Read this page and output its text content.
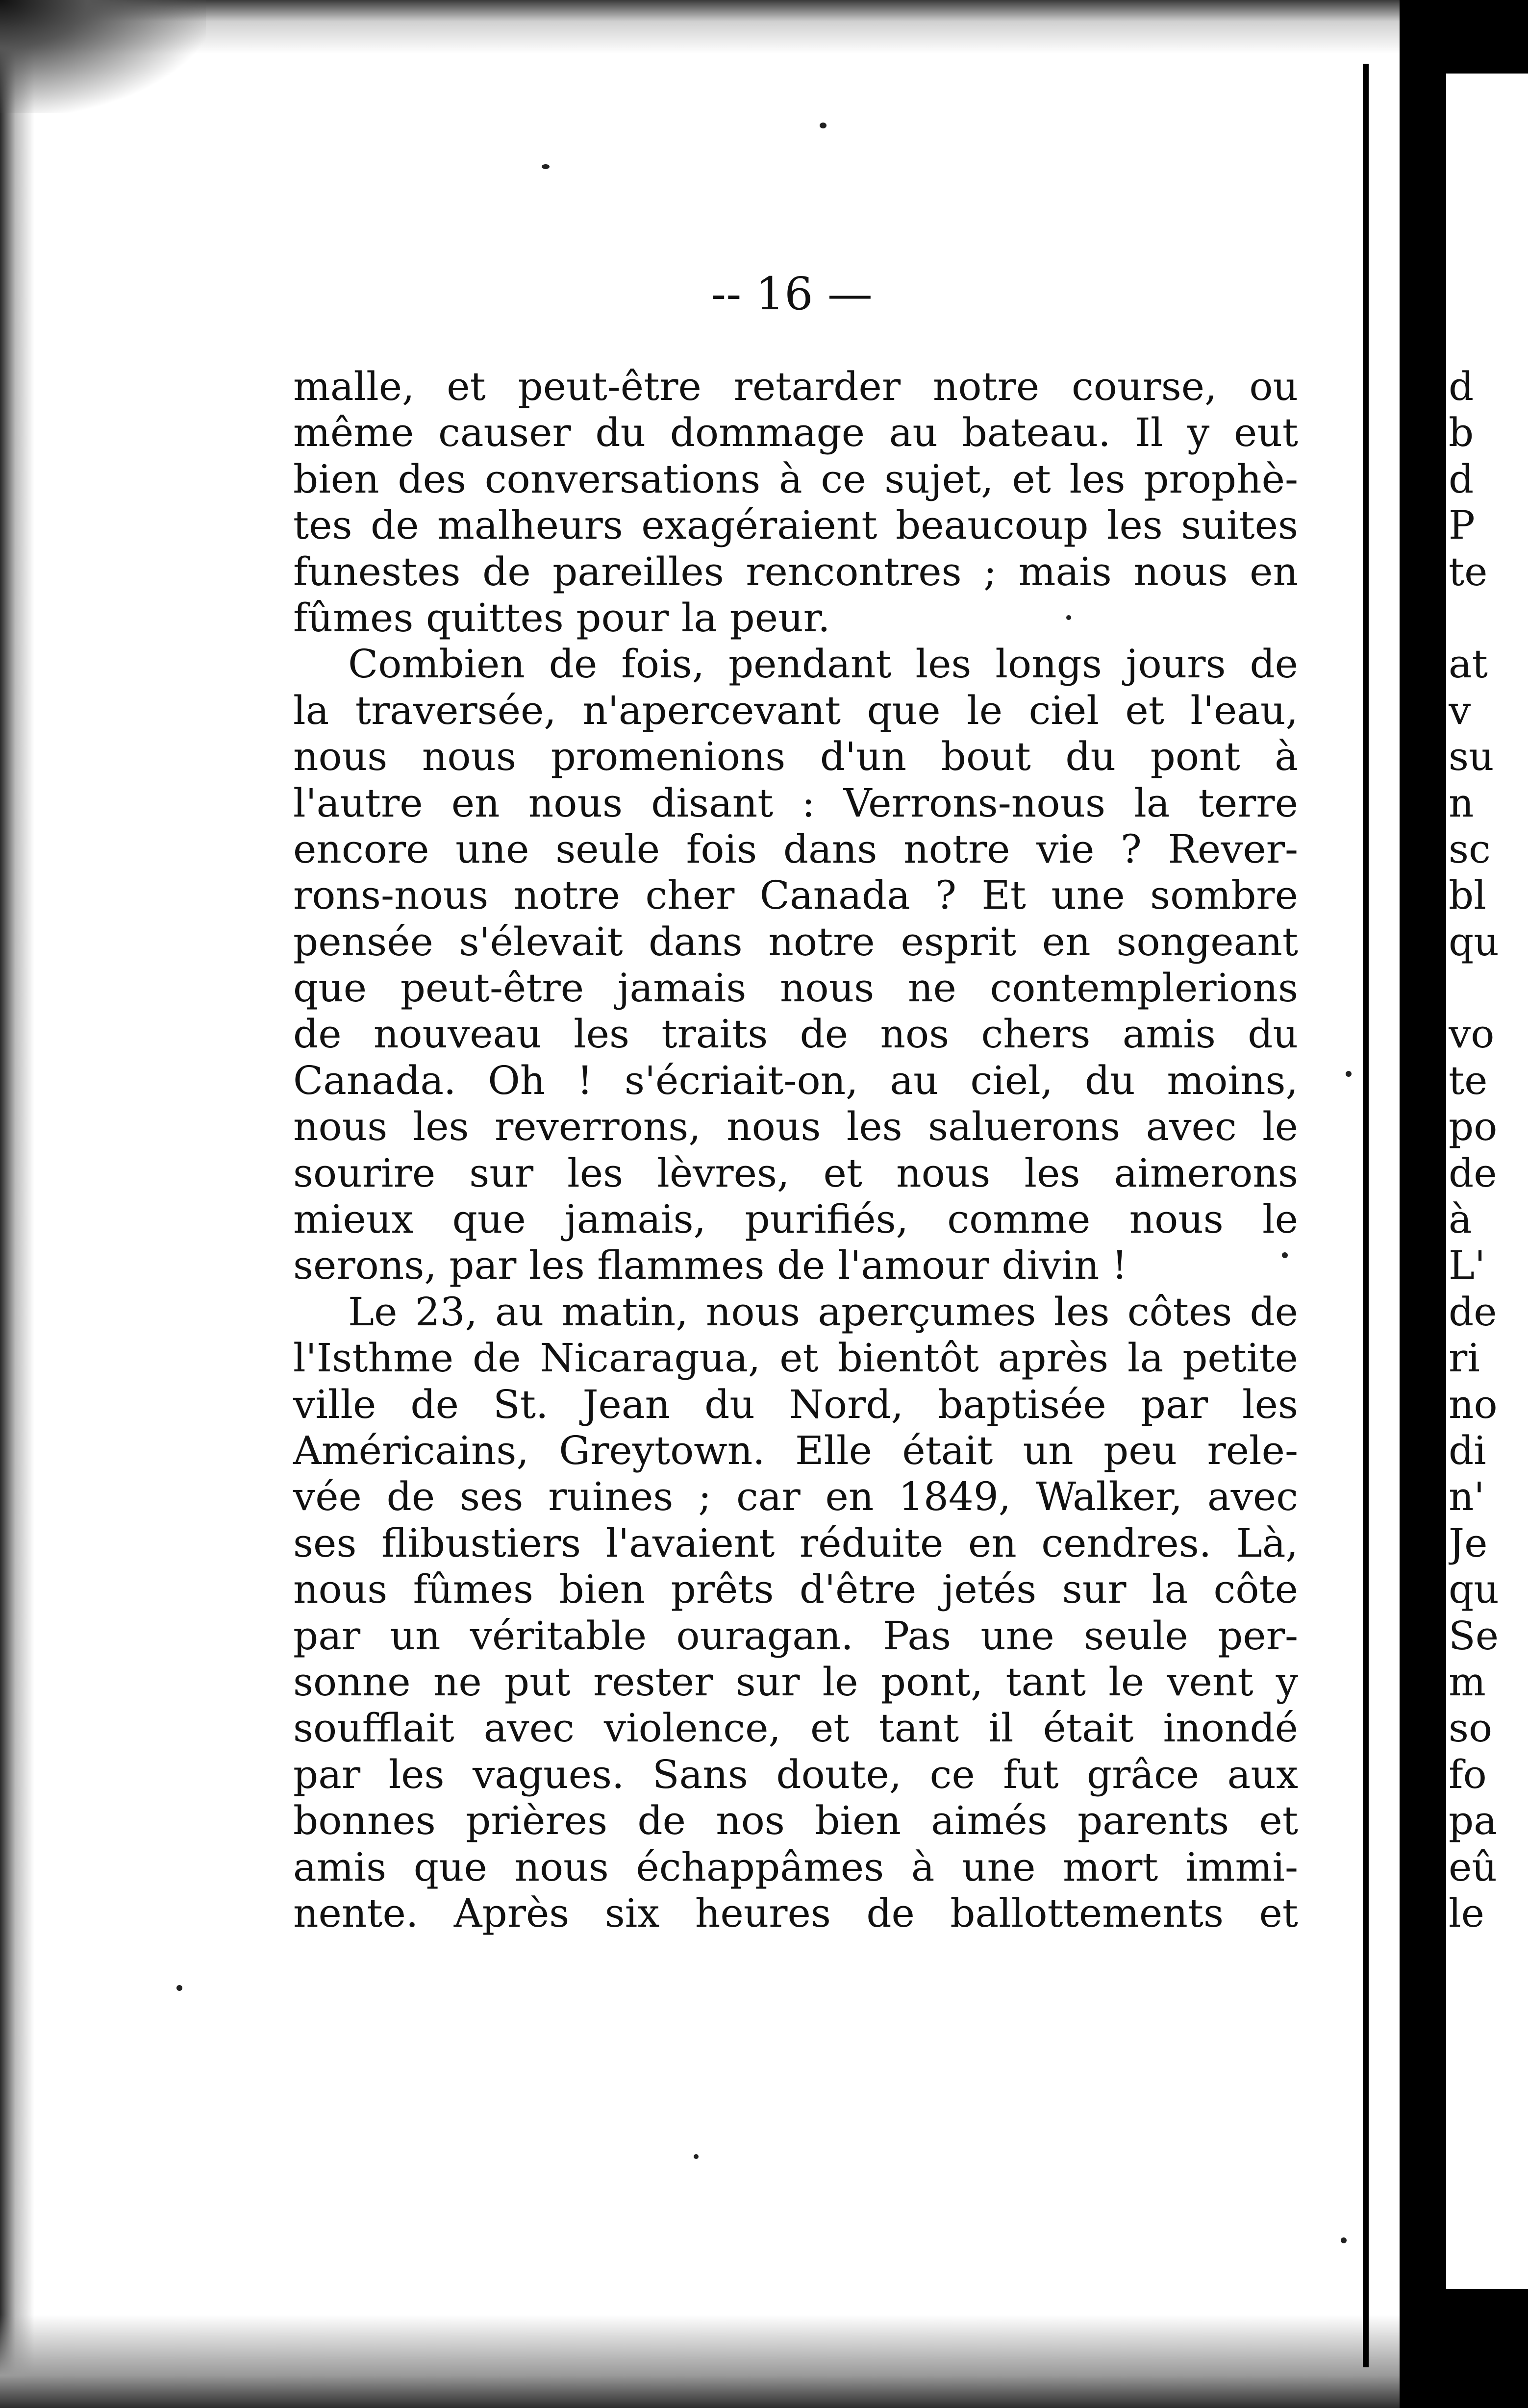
-- 16 —
malle, et peut-être retarder notre course, ou
même causer du dommage au bateau. Il y eut
bien des conversations à ce sujet, et les prophè-
tes de malheurs exagéraient beaucoup les suites
funestes de pareilles rencontres ; mais nous en
fûmes quittes pour la peur.
Combien de fois, pendant les longs jours de
la traversée, n'apercevant que le ciel et l'eau,
nous nous promenions d'un bout du pont à
l'autre en nous disant : Verrons-nous la terre
encore une seule fois dans notre vie ? Rever-
rons-nous notre cher Canada ? Et une sombre
pensée s'élevait dans notre esprit en songeant
que peut-être jamais nous ne contemplerions
de nouveau les traits de nos chers amis du
Canada. Oh ! s'écriait-on, au ciel, du moins,
nous les reverrons, nous les saluerons avec le
sourire sur les lèvres, et nous les aimerons
mieux que jamais, purifiés, comme nous le
serons, par les flammes de l'amour divin !
Le 23, au matin, nous aperçumes les côtes de
l'Isthme de Nicaragua, et bientôt après la petite
ville de St. Jean du Nord, baptisée par les
Américains, Greytown. Elle était un peu rele-
vée de ses ruines ; car en 1849, Walker, avec
ses flibustiers l'avaient réduite en cendres. Là,
nous fûmes bien prêts d'être jetés sur la côte
par un véritable ouragan. Pas une seule per-
sonne ne put rester sur le pont, tant le vent y
soufflait avec violence, et tant il était inondé
par les vagues. Sans doute, ce fut grâce aux
bonnes prières de nos bien aimés parents et
amis que nous échappâmes à une mort immi-
nente. Après six heures de ballottements et
d
b
d
P
te
at
v
su
n
sc
bl
qu
vo
te
po
de
à
L'
de
ri
no
di
n'
Je
qu
Se
m
so
fo
pa
eû
le
